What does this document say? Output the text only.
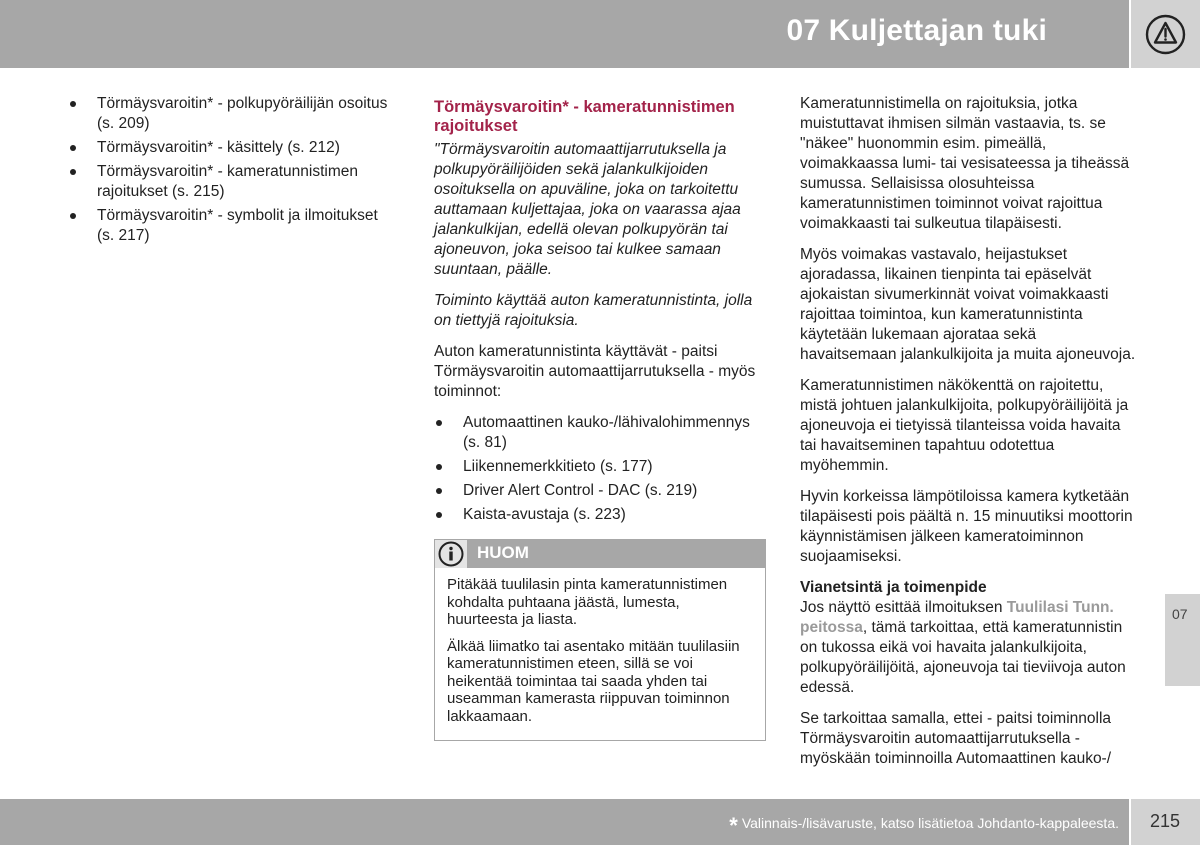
07 Kuljettajan tuki
Törmäysvaroitin* - polkupyöräilijän osoitus (s. 209)
Törmäysvaroitin* - käsittely (s. 212)
Törmäysvaroitin* - kameratunnistimen rajoitukset (s. 215)
Törmäysvaroitin* - symbolit ja ilmoitukset (s. 217)
Törmäysvaroitin* - kameratunnistimen rajoitukset

"Törmäysvaroitin automaattijarrutuksella ja polkupyöräilijöiden sekä jalankulkijoiden osoituksella on apuväline, joka on tarkoitettu auttamaan kuljettajaa, joka on vaarassa ajaa jalankulkijan, edellä olevan polkupyörän tai ajoneuvon, joka seisoo tai kulkee samaan suuntaan, päälle.

Toiminto käyttää auton kameratunnistinta, jolla on tiettyjä rajoituksia.

Auton kameratunnistinta käyttävät - paitsi Törmäysvaroitin automaattijarrutuksella - myös toiminnot:

Automaattinen kauko-/lähivalohimmennys (s. 81)
Liikennemerkkitieto (s. 177)
Driver Alert Control - DAC (s. 219)
Kaista-avustaja (s. 223)
HUOM

Pitäkää tuulilasin pinta kameratunnistimen kohdalta puhtaana jäästä, lumesta, huurteesta ja liasta.

Älkää liimatko tai asentako mitään tuulilasiin kameratunnistimen eteen, sillä se voi heikentää toimintaa tai saada yhden tai useamman kamerasta riippuvan toiminnon lakkaamaan.

Kameratunnistimella on rajoituksia, jotka muistuttavat ihmisen silmän vastaavia, ts. se "näkee" huonommin esim. pimeällä, voimakkaassa lumi- tai vesisateessa ja tiheässä sumussa. Sellaisissa olosuhteissa kameratunnistimen toiminnot voivat rajoittua voimakkaasti tai sulkeutua tilapäisesti.

Myös voimakas vastavalo, heijastukset ajoradassa, likainen tienpinta tai epäselvät ajokaistan sivumerkinnät voivat voimakkaasti rajoittaa toimintoa, kun kameratunnistinta käytetään lukemaan ajorataa sekä havaitsemaan jalankulkijoita ja muita ajoneuvoja.

Kameratunnistimen näkökenttä on rajoitettu, mistä johtuen jalankulkijoita, polkupyöräilijöitä ja ajoneuvoja ei tietyissä tilanteissa voida havaita tai havaitseminen tapahtuu odotettua myöhemmin.

Hyvin korkeissa lämpötiloissa kamera kytketään tilapäisesti pois päältä n. 15 minuutiksi moottorin käynnistämisen jälkeen kameratoiminnon suojaamiseksi.

Vianetsintä ja toimenpide

Jos näyttö esittää ilmoituksen Tuulilasi Tunn. peitossa, tämä tarkoittaa, että kameratunnistin on tukossa eikä voi havaita jalankulkijoita, polkupyöräilijöitä, ajoneuvoja tai tieviivoja auton edessä.

Se tarkoittaa samalla, ettei - paitsi toiminnolla Törmäysvaroitin automaattijarrutuksella - myöskään toiminnoilla Automaattinen kauko-/

07
* Valinnais-/lisävaruste, katso lisätietoa Johdanto-kappaleesta. 215
